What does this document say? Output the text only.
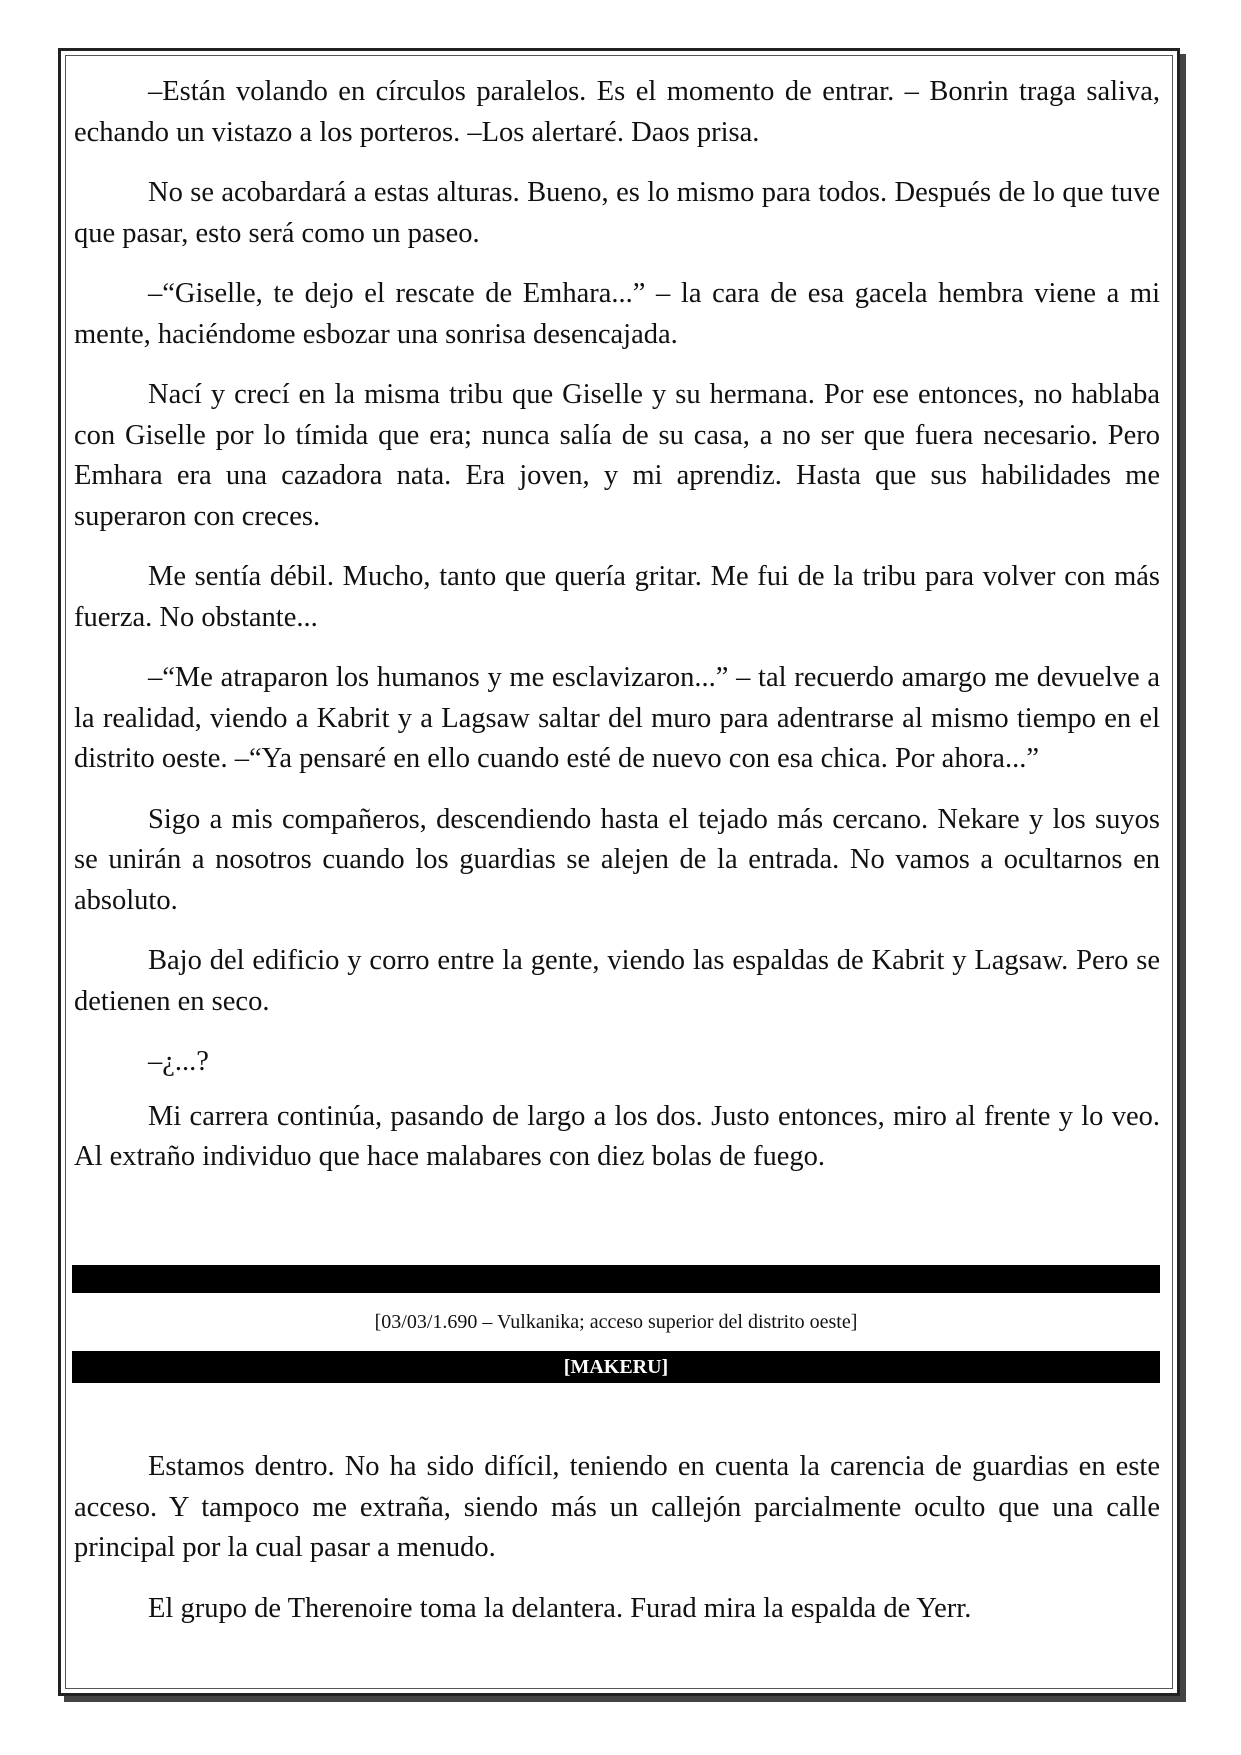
–Están volando en círculos paralelos. Es el momento de entrar. – Bonrin traga saliva, echando un vistazo a los porteros. –Los alertaré. Daos prisa.

No se acobardará a estas alturas. Bueno, es lo mismo para todos. Después de lo que tuve que pasar, esto será como un paseo.

–“Giselle, te dejo el rescate de Emhara...” – la cara de esa gacela hembra viene a mi mente, haciéndome esbozar una sonrisa desencajada.

Nací y crecí en la misma tribu que Giselle y su hermana. Por ese entonces, no hablaba con Giselle por lo tímida que era; nunca salía de su casa, a no ser que fuera necesario. Pero Emhara era una cazadora nata. Era joven, y mi aprendiz. Hasta que sus habilidades me superaron con creces.

Me sentía débil. Mucho, tanto que quería gritar. Me fui de la tribu para volver con más fuerza. No obstante...

–“Me atraparon los humanos y me esclavizaron...” – tal recuerdo amargo me devuelve a la realidad, viendo a Kabrit y a Lagsaw saltar del muro para adentrarse al mismo tiempo en el distrito oeste. –“Ya pensaré en ello cuando esté de nuevo con esa chica. Por ahora...”

Sigo a mis compañeros, descendiendo hasta el tejado más cercano. Nekare y los suyos se unirán a nosotros cuando los guardias se alejen de la entrada. No vamos a ocultarnos en absoluto.

Bajo del edificio y corro entre la gente, viendo las espaldas de Kabrit y Lagsaw. Pero se detienen en seco.

–¿...?

Mi carrera continúa, pasando de largo a los dos. Justo entonces, miro al frente y lo veo. Al extraño individuo que hace malabares con diez bolas de fuego.

[03/03/1.690 – Vulkanika; acceso superior del distrito oeste]
[MAKERU]

Estamos dentro. No ha sido difícil, teniendo en cuenta la carencia de guardias en este acceso. Y tampoco me extraña, siendo más un callejón parcialmente oculto que una calle principal por la cual pasar a menudo.

El grupo de Therenoire toma la delantera. Furad mira la espalda de Yerr.
